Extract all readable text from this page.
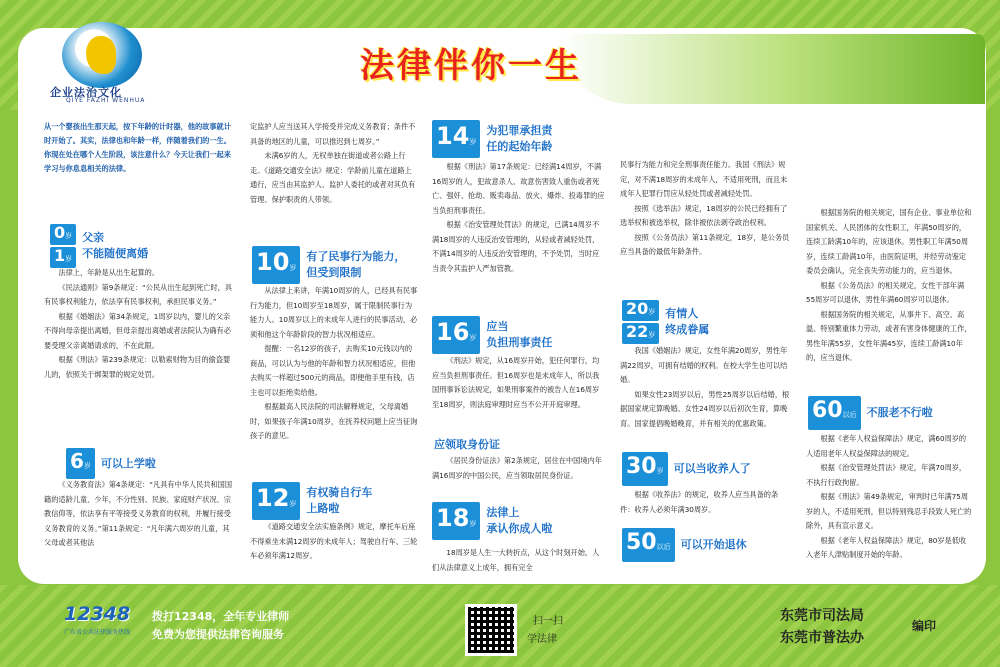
企业法治文化
QIYE FAZHI WENHUA
法律伴你一生
从一个婴孩出生那天起，按下年龄的计时器，他的故事就计时开始了。其实，法律也和年龄一样，伴随着我们的一生。你现在处在哪个人生阶段，该注意什么？今天让我们一起来学习与你息息相关的法律。
0岁
1岁
父亲
不能随便离婚

法律上，年龄是从出生起算的。

《民法通则》第9条规定：“公民从出生起到死亡时，具有民事权利能力，依法享有民事权利，承担民事义务。”

根据《婚姻法》第34条规定，1周岁以内，婴儿的父亲不得向母亲提出离婚，但母亲提出离婚或者法院认为确有必要受理父亲离婚请求的，不在此限。

根据《刑法》第239条规定：以勒索财物为目的偷盗婴儿的，依照关于绑架罪的规定处罚。

6岁 可以上学啦

《义务教育法》第4条规定：“凡具有中华人民共和国国籍的适龄儿童、少年，不分性别、民族、家庭财产状况、宗教信仰等，依法享有平等接受义务教育的权利，并履行接受义务教育的义务。”第11条规定：“凡年满六周岁的儿童，其父母或者其他法

定监护人应当送其入学接受并完成义务教育；条件不具备的地区的儿童，可以推迟到七周岁。”

未满6岁的人，无权单独在街道或者公路上行走。《道路交通安全法》规定：学龄前儿童在道路上通行，应当由其监护人、监护人委托的或者对其负有管理、保护职责的人带领。

10岁
有了民事行为能力，
但受到限制

从法律上来讲，年满10周岁的人，已经具有民事行为能力，但10周岁至18周岁，属于限制民事行为能力人。10周岁以上的未成年人进行的民事活动，必须和他这个年龄阶段的智力状况相适应。

提醒：一名12岁的孩子，去购买10元钱以内的商品，可以认为与他的年龄和智力状况相适应，但他去购买一样超过500元的商品，即便他手里有钱，店主也可以拒绝卖给他。

根据最高人民法院的司法解释规定，父母离婚时，如果孩子年满10周岁，在抚养权问题上应当征询孩子的意见。

12岁
有权骑自行车
上路啦

《道路交通安全法实施条例》规定，摩托车后座不得乘坐未满12周岁的未成年人；驾驶自行车、三轮车必须年满12周岁。

14岁
为犯罪承担责
任的起始年龄

根据《刑法》第17条规定：已经满14周岁，不满16周岁的人，犯故意杀人、故意伤害致人重伤或者死亡、强奸、抢劫、贩卖毒品、放火、爆炸、投毒罪的应当负担刑事责任。

根据《治安管理处罚法》的规定，已满14周岁不满18周岁的人违反治安管理的，从轻或者减轻处罚，不满14周岁的人违反治安管理的，不予处罚，当时应当责令其监护人严加管教。

16岁
应当
负担刑事责任

《刑法》规定，从16周岁开始，犯任何罪行，均应当负担刑事责任。但16周岁也是未成年人，所以我国刑事诉讼法规定，如果刑事案件的被告人在16周岁至18周岁，则法庭审理时应当不公开开庭审理。

应领取身份证

《居民身份证法》第2条规定，居住在中国境内年满16周岁的中国公民，应当领取居民身份证。

18岁
法律上
承认你成人啦

18周岁是人生一大转折点，从这个时刻开始，人们从法律意义上成年，拥有完全

民事行为能力和完全刑事责任能力。我国《刑法》规定，对不满18周岁的未成年人，不适用死刑，而且未成年人犯罪行罚应从轻处罚或者减轻处罚。

按照《选举法》规定，18周岁的公民已经拥有了选举权和被选举权，除非被依法剥夺政治权利。

按照《公务员法》第11条规定，18岁，是公务员应当具备的最低年龄条件。

20岁
22岁
有情人
终成眷属

我国《婚姻法》规定，女性年满20周岁，男性年满22周岁，可拥有结婚的权利。在校大学生也可以结婚。

如果女性23周岁以后，男性25周岁以后结婚，根据国家规定算晚婚。女性24周岁以后初次生育，算晚育。国家提倡晚婚晚育，并有相关的优惠政策。

30岁 可以当收养人了

根据《收养法》的规定，收养人应当具备的条件：收养人必须年满30周岁。

50以后 可以开始退休

根据国务院的相关规定，国有企业、事业单位和国家机关、人民团体的女性职工，年满50周岁的，连续工龄满10年的，应该退休。男性职工年满50周岁，连续工龄满10年，由医院证明，并经劳动鉴定委员会确认，完全丧失劳动能力的，应当退休。

根据《公务员法》的相关规定，女性干部年满55周岁可以退休，男性年满60周岁可以退休。

根据国务院的相关规定，从事井下、高空、高温、特别繁重体力劳动，或者有害身体健康的工作，男性年满55岁，女性年满45岁，连续工龄满10年的，应当退休。

60以后 不服老不行啦

根据《老年人权益保障法》规定，满60周岁的人适用老年人权益保障法的规定。

根据《治安管理处罚法》规定，年满70周岁，不执行行政拘留。

根据《刑法》第49条规定，审判时已年满75周岁的人，不适用死刑，但以特别残忍手段致人死亡的除外，具有宣示意义。

根据《老年人权益保障法》规定，80岁是低收入老年人津贴制度开始的年龄。

12348
广东省公共法律服务热线
拨打12348，全年专业律师
免费为您提供法律咨询服务
扫一扫
学法律
东莞市司法局
东莞市普法办
编印
